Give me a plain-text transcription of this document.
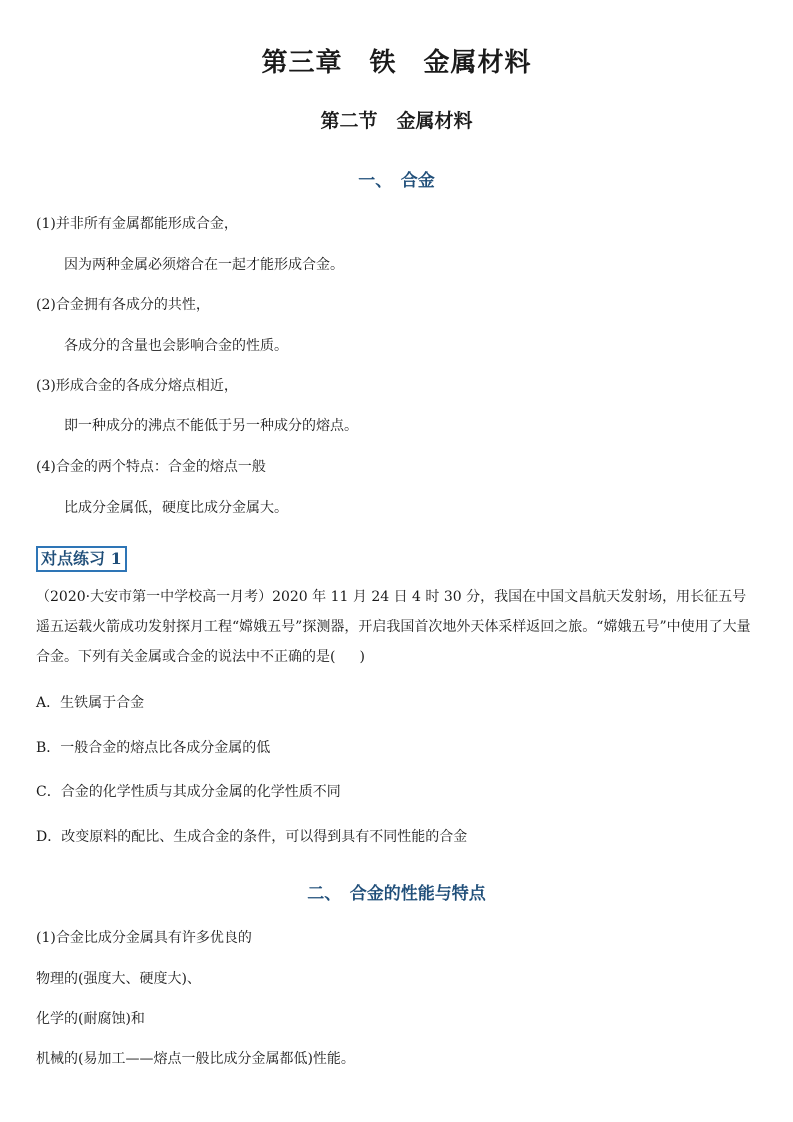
第三章　铁　金属材料
第二节　金属材料
一、　合金
(1)并非所有金属都能形成合金，
因为两种金属必须熔合在一起才能形成合金。
(2)合金拥有各成分的共性，
各成分的含量也会影响合金的性质。
(3)形成合金的各成分熔点相近，
即一种成分的沸点不能低于另一种成分的熔点。
(4)合金的两个特点：合金的熔点一般
比成分金属低，硬度比成分金属大。
对点练习 1
（2020·大安市第一中学校高一月考）2020 年 11 月 24 日 4 时 30 分，我国在中国文昌航天发射场，用长征五号遥五运载火箭成功发射探月工程“嫦娥五号”探测器，开启我国首次地外天体采样返回之旅。“嫦娥五号”中使用了大量合金。下列有关金属或合金的说法中不正确的是( )
A．生铁属于合金
B．一般合金的熔点比各成分金属的低
C．合金的化学性质与其成分金属的化学性质不同
D．改变原料的配比、生成合金的条件，可以得到具有不同性能的合金
二、　合金的性能与特点
(1)合金比成分金属具有许多优良的
物理的(强度大、硬度大)、
化学的(耐腐蚀)和
机械的(易加工——熔点一般比成分金属都低)性能。
